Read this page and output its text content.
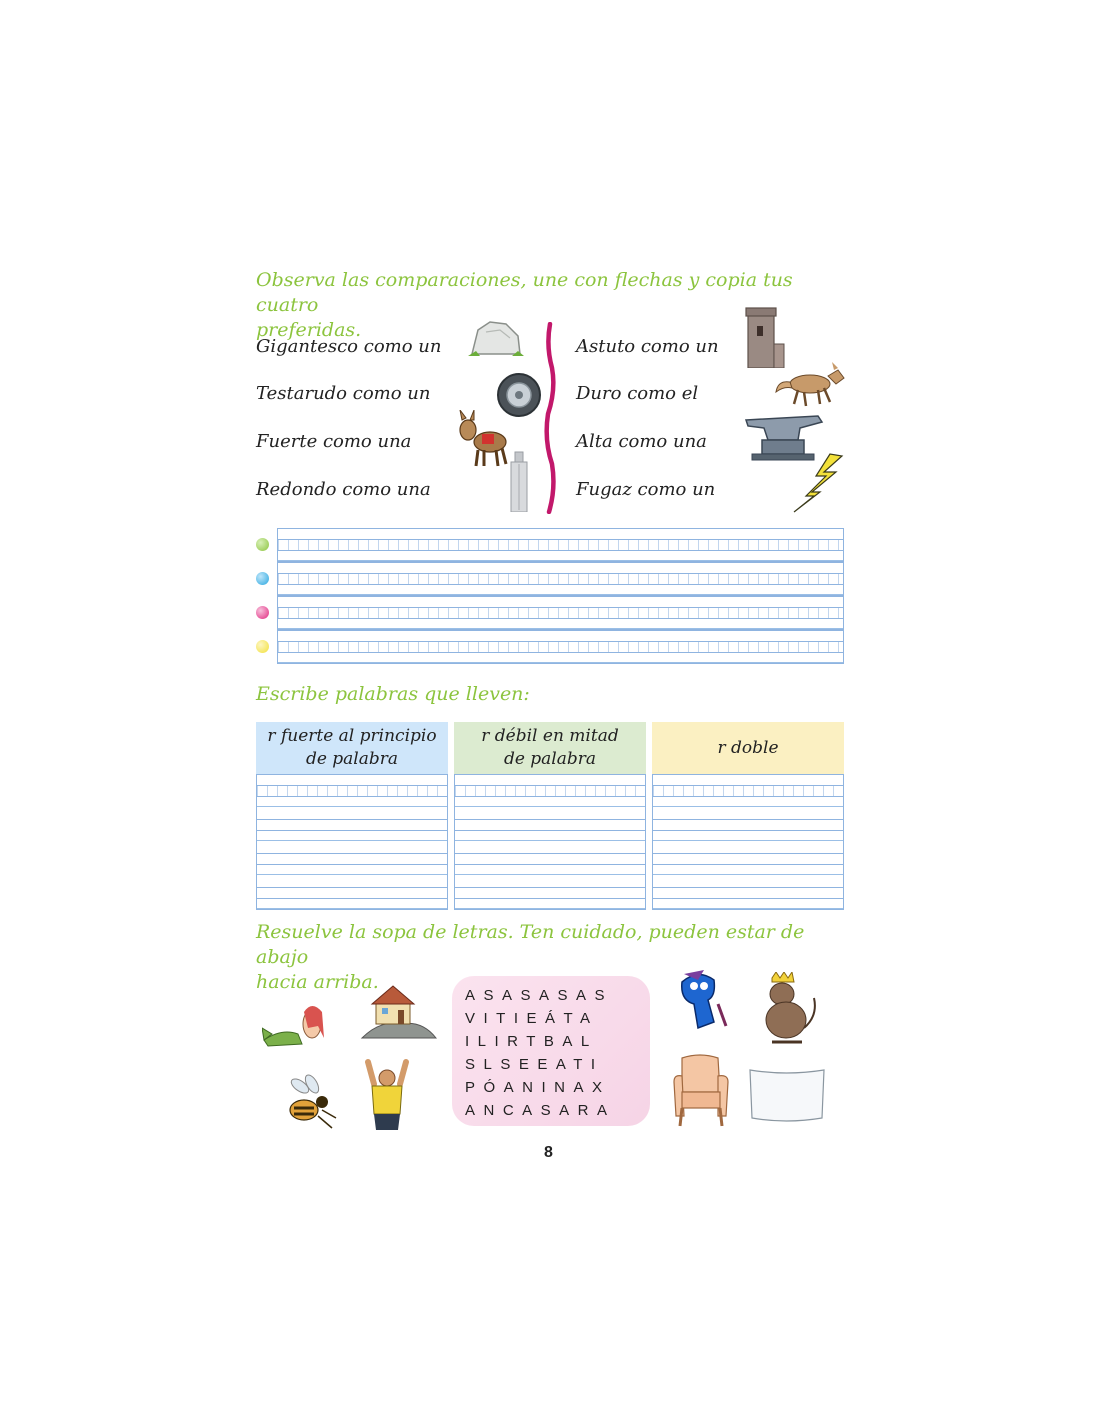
Observa las comparaciones, une con flechas y copia tus cuatro
preferidas.
Gigantesco como un
Testarudo como un
Fuerte como una
Redondo como una
Astuto como un
Duro como el
Alta como una
Fugaz como un
Escribe palabras que lleven:
r fuerte al principio
de palabra
r débil en mitad
de palabra
r doble
Resuelve la sopa de letras. Ten cuidado, pueden estar de abajo
hacia arriba.
ASASASAS
VITIEÁTA
ILIRTBAL
SLSEEATI
PÓANINAX
ANCASARA
8
